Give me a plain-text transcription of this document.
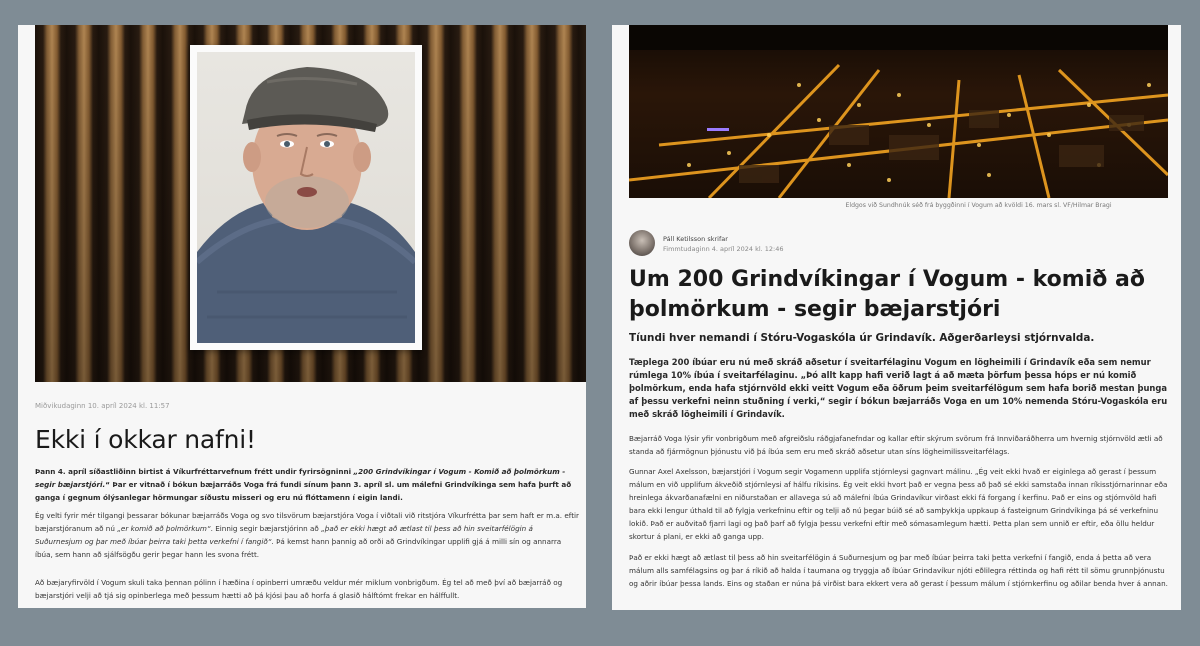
Miðvikudaginn 10. apríl 2024 kl. 11:57
Ekki í okkar nafni!

Þann 4. apríl síðastliðinn birtist á Víkurfréttarvefnum frétt undir fyrirsögninni „200 Grindvíkingar í Vogum - Komið að þolmörkum - segir bæjarstjóri.“ Þar er vitnað í bókun bæjarráðs Voga frá fundi sínum þann 3. apríl sl. um málefni Grindvíkinga sem hafa þurft að ganga í gegnum ólýsanlegar hörmungar síðustu misseri og eru nú flóttamenn í eigin landi.

Ég velti fyrir mér tilgangi þessarar bókunar bæjarráðs Voga og svo tilsvörum bæjarstjóra Voga í viðtali við ritstjóra Víkurfrétta þar sem haft er m.a. eftir bæjarstjóranum að nú „er komið að þolmörkum“. Einnig segir bæjarstjórinn að „það er ekki hægt að ætlast til þess að hin sveitarfélögin á Suðurnesjum og þar með íbúar þeirra taki þetta verkefni í fangið“. Þá kemst hann þannig að orði að Grindvíkingar upplifi gjá á milli sín og annarra íbúa, sem hann að sjálfsögðu gerir þegar hann les svona frétt.

Að bæjaryfirvöld í Vogum skuli taka þennan pólinn í hæðina í opinberri umræðu veldur mér miklum vonbrigðum. Ég tel að með því að bæjarráð og bæjarstjóri velji að tjá sig opinberlega með þessum hætti að þá kjósi þau að horfa á glasið hálftómt frekar en hálffullt.

Eldgos við Sundhnúk séð frá byggðinni í Vogum að kvöldi 16. mars sl. VF/Hilmar Bragi
Páll Ketilsson skrifar
Fimmtudaginn 4. apríl 2024 kl. 12:46
Um 200 Grindvíkingar í Vogum - komið að þolmörkum - segir bæjarstjóri
Tíundi hver nemandi í Stóru-Vogaskóla úr Grindavík. Aðgerðarleysi stjórnvalda.

Tæplega 200 íbúar eru nú með skráð aðsetur í sveitarfélaginu Vogum en lögheimili í Grindavík eða sem nemur rúmlega 10% íbúa í sveitarfélaginu. „Þó allt kapp hafi verið lagt á að mæta þörfum þessa hóps er nú komið þolmörkum, enda hafa stjórnvöld ekki veitt Vogum eða öðrum þeim sveitarfélögum sem hafa borið mestan þunga af þessu verkefni neinn stuðning í verki,“ segir í bókun bæjarráðs Voga en um 10% nemenda Stóru-Vogaskóla eru með skráð lögheimili í Grindavík.

Bæjarráð Voga lýsir yfir vonbrigðum með afgreiðslu ráðgjafanefndar og kallar eftir skýrum svörum frá Innviðaráðherra um hvernig stjórnvöld ætli að standa að fjármögnun þjónustu við þá íbúa sem eru með skráð aðsetur utan síns lögheimilissveitarfélags.

Gunnar Axel Axelsson, bæjarstjóri í Vogum segir Vogamenn upplifa stjórnleysi gagnvart málinu. „Ég veit ekki hvað er eiginlega að gerast í þessum málum en við upplifum ákveðið stjórnleysi af hálfu ríkisins. Ég veit ekki hvort það er vegna þess að það sé ekki samstaða innan ríkisstjórnarinnar eða hreinlega ákvarðanafælni en niðurstaðan er allavega sú að málefni íbúa Grindavíkur virðast ekki fá forgang í kerfinu. Það er eins og stjórnvöld hafi bara ekki lengur úthald til að fylgja verkefninu eftir og telji að nú þegar búið sé að samþykkja uppkaup á fasteignum Grindvíkinga þá sé verkefninu lokið. Það er auðvitað fjarri lagi og það þarf að fylgja þessu verkefni eftir með sómasamlegum hætti. Þetta plan sem unnið er eftir, eða öllu heldur skortur á plani, er ekki að ganga upp.

Það er ekki hægt að ætlast til þess að hin sveitarfélögin á Suðurnesjum og þar með íbúar þeirra taki þetta verkefni í fangið, enda á þetta að vera málum alls samfélagsins og þar á ríkið að halda í taumana og tryggja að íbúar Grindavíkur njóti eðlilegra réttinda og hafi rétt til sömu grunnþjónustu og aðrir íbúar þessa lands. Eins og staðan er núna þá virðist bara ekkert vera að gerast í þessum málum í stjórnkerfinu og aðilar benda hver á annan.
